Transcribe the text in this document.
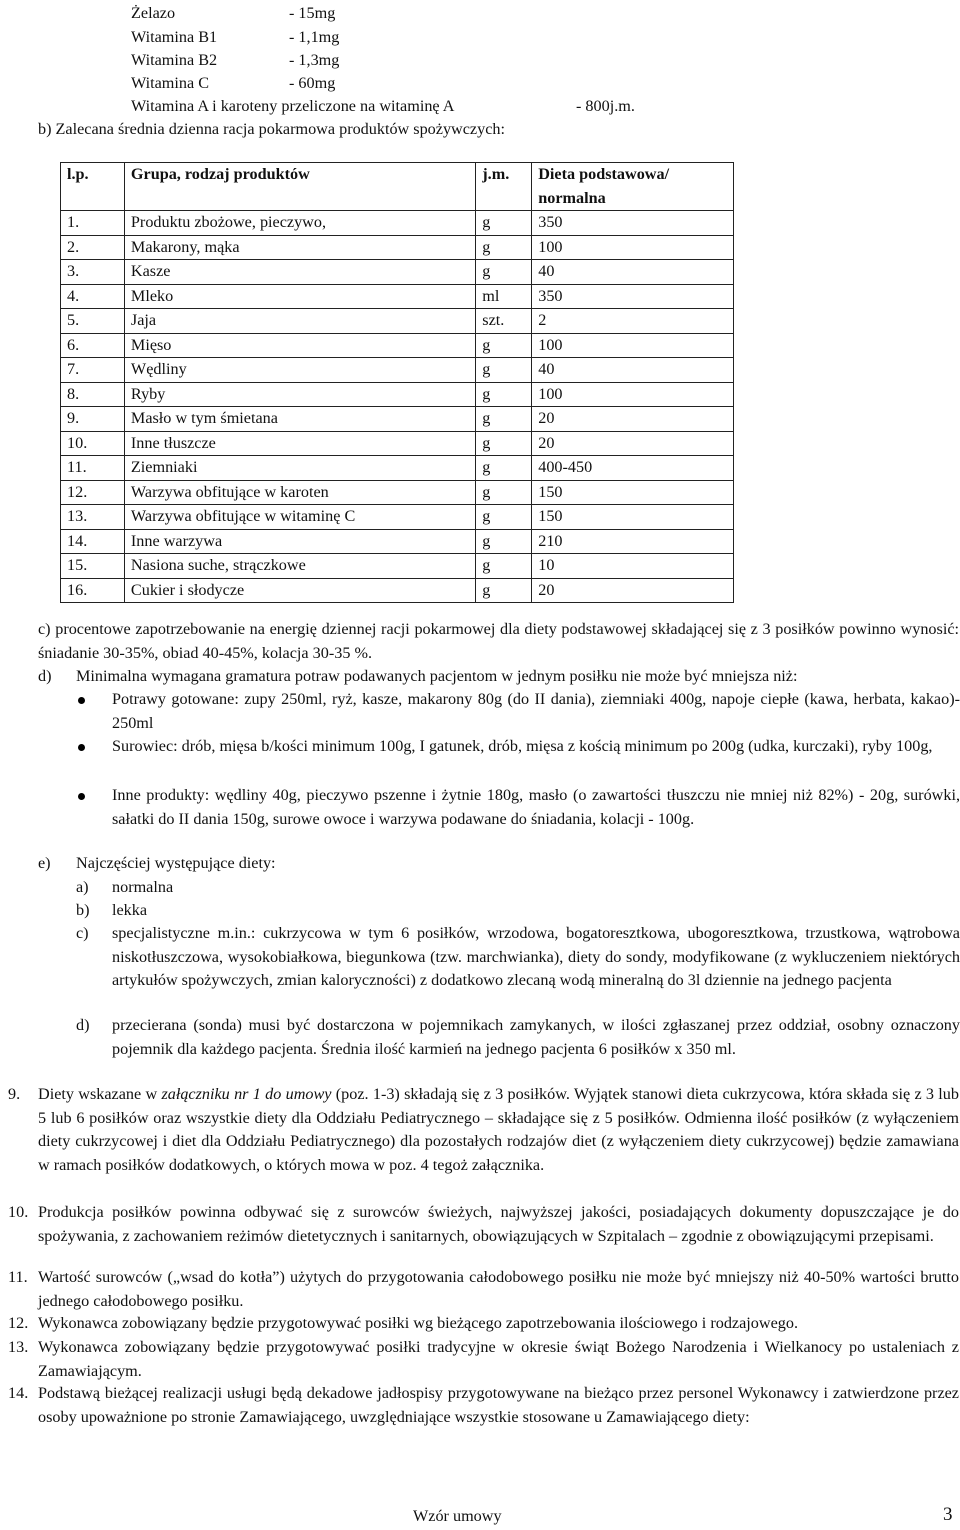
Żelazo	- 15mg
Witamina B1	- 1,1mg
Witamina B2	- 1,3mg
Witamina C	- 60mg
Witamina A i karoteny przeliczone na witaminę A	- 800j.m.
b) Zalecana średnia dzienna racja pokarmowa produktów spożywczych:
l.p.	Grupa, rodzaj produktów	j.m.	Dieta podstawowa/ normalna
1.	Produktu zbożowe, pieczywo,	g	350
2.	Makarony, mąka	g	100
3.	Kasze	g	40
4.	Mleko	ml	350
5.	Jaja	szt.	2
6.	Mięso	g	100
7.	Wędliny	g	40
8.	Ryby	g	100
9.	Masło w tym śmietana	g	20
10.	Inne tłuszcze	g	20
11.	Ziemniaki	g	400-450
12.	Warzywa obfitujące w karoten	g	150
13.	Warzywa obfitujące w witaminę C	g	150
14.	Inne warzywa	g	210
15.	Nasiona suche, strączkowe	g	10
16.	Cukier i słodycze	g	20
c) procentowe zapotrzebowanie na energię dziennej racji pokarmowej dla diety podstawowej składającej się z 3 posiłków powinno wynosić: śniadanie 30-35%, obiad 40-45%, kolacja 30-35 %.
d) Minimalna wymagana gramatura potraw podawanych pacjentom w jednym posiłku nie może być mniejsza niż:
Potrawy gotowane: zupy 250ml, ryż, kasze, makarony 80g (do II dania), ziemniaki 400g, napoje ciepłe (kawa, herbata, kakao)- 250ml
Surowiec: drób, mięsa b/kości minimum 100g, I gatunek, drób, mięsa z kością minimum po 200g (udka, kurczaki), ryby 100g,
Inne produkty: wędliny 40g, pieczywo pszenne i żytnie 180g, masło (o zawartości tłuszczu nie mniej niż 82%) - 20g, surówki, sałatki do II dania 150g, surowe owoce i warzywa podawane do śniadania, kolacji - 100g.
e) Najczęściej występujące diety:
a) normalna
b) lekka
c) specjalistyczne m.in.: cukrzycowa w tym 6 posiłków, wrzodowa, bogatoresztkowa, ubogoresztkowa, trzustkowa, wątrobowa niskotłuszczowa, wysokobiałkowa, biegunkowa (tzw. marchwianka), diety do sondy, modyfikowane (z wykluczeniem niektórych artykułów spożywczych, zmian kaloryczności) z dodatkowo zlecaną wodą mineralną do 3l dziennie na jednego pacjenta
d) przecierana (sonda) musi być dostarczona w pojemnikach zamykanych, w ilości zgłaszanej przez oddział, osobny oznaczony pojemnik dla każdego pacjenta. Średnia ilość karmień na jednego pacjenta 6 posiłków x 350 ml.
9. Diety wskazane w załączniku nr 1 do umowy (poz. 1-3) składają się z 3 posiłków. Wyjątek stanowi dieta cukrzycowa, która składa się z 3 lub 5 lub 6 posiłków oraz wszystkie diety dla Oddziału Pediatrycznego – składające się z 5 posiłków. Odmienna ilość posiłków (z wyłączeniem diety cukrzycowej i diet dla Oddziału Pediatrycznego) dla pozostałych rodzajów diet (z wyłączeniem diety cukrzycowej) będzie zamawiana w ramach posiłków dodatkowych, o których mowa w poz. 4 tegoż załącznika.
10. Produkcja posiłków powinna odbywać się z surowców świeżych, najwyższej jakości, posiadających dokumenty dopuszczające je do spożywania, z zachowaniem reżimów dietetycznych i sanitarnych, obowiązujących w Szpitalach – zgodnie z obowiązującymi przepisami.
11. Wartość surowców („wsad do kotła”) użytych do przygotowania całodobowego posiłku nie może być mniejszy niż 40-50% wartości brutto jednego całodobowego posiłku.
12. Wykonawca zobowiązany będzie przygotowywać posiłki wg bieżącego zapotrzebowania ilościowego i rodzajowego.
13. Wykonawca zobowiązany będzie przygotowywać posiłki tradycyjne w okresie świąt Bożego Narodzenia i Wielkanocy po ustaleniach z Zamawiającym.
14. Podstawą bieżącej realizacji usługi będą dekadowe jadłospisy przygotowywane na bieżąco przez personel Wykonawcy i zatwierdzone przez osoby upoważnione po stronie Zamawiającego, uwzględniające wszystkie stosowane u Zamawiającego diety:
Wzór umowy	3
